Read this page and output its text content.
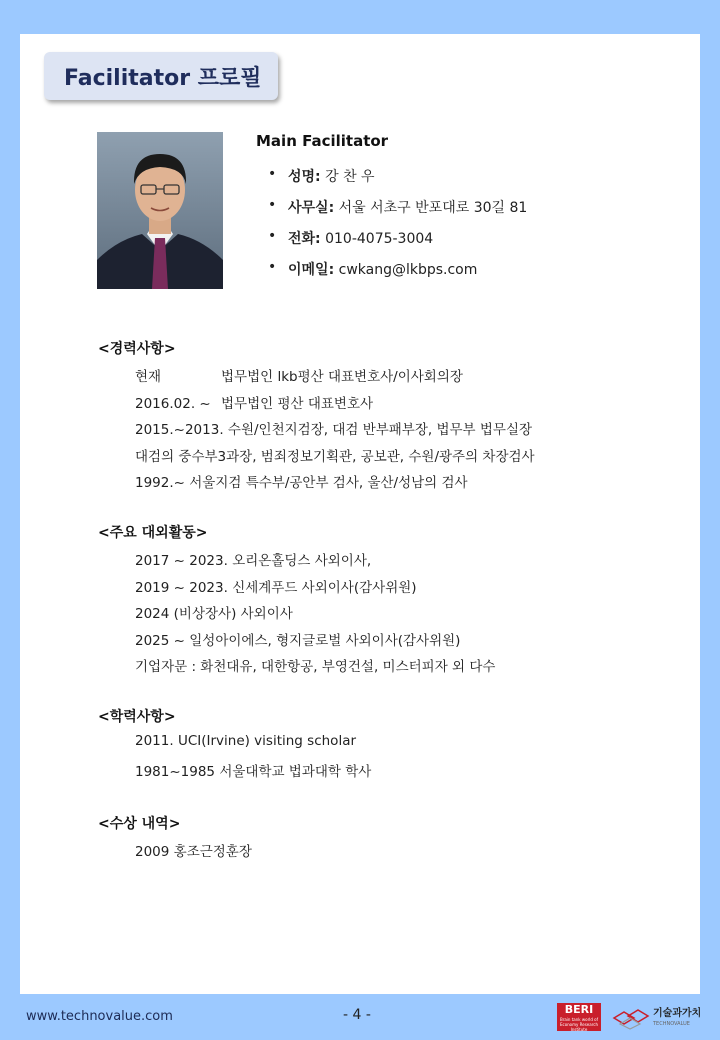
Facilitator 프로필
Main Facilitator
• 성명: 강 찬 우
• 사무실: 서울 서초구 반포대로 30길 81
• 전화: 010-4075-3004
• 이메일: cwkang@lkbps.com
<경력사항>
현재	법무법인 lkb평산 대표변호사/이사회의장
2016.02. ~ 법무법인 평산 대표변호사
2015.~2013. 수원/인천지검장, 대검 반부패부장, 법무부 법무실장
대검의 중수부3과장, 범죄정보기획관, 공보관, 수원/광주의 차장검사
1992.~ 서울지검 특수부/공안부 검사, 울산/성남의 검사
<주요 대외활동>
2017 ~ 2023. 오리온홀딩스 사외이사,
2019 ~ 2023. 신세계푸드 사외이사(감사위원)
2024 (비상장사) 사외이사
2025 ~ 일성아이에스, 형지글로벌 사외이사(감사위원)
기업자문 : 화천대유, 대한항공, 부영건설, 미스터피자 외 다수
<학력사항>
2011. UCI(Irvine) visiting scholar
1981~1985 서울대학교 법과대학 학사
<수상 내역>
2009 홍조근정훈장
www.technovalue.com	- 4 -	BERI
Brain tank world of Economy Research Institute
기술과가치
TECHNOVALUE
